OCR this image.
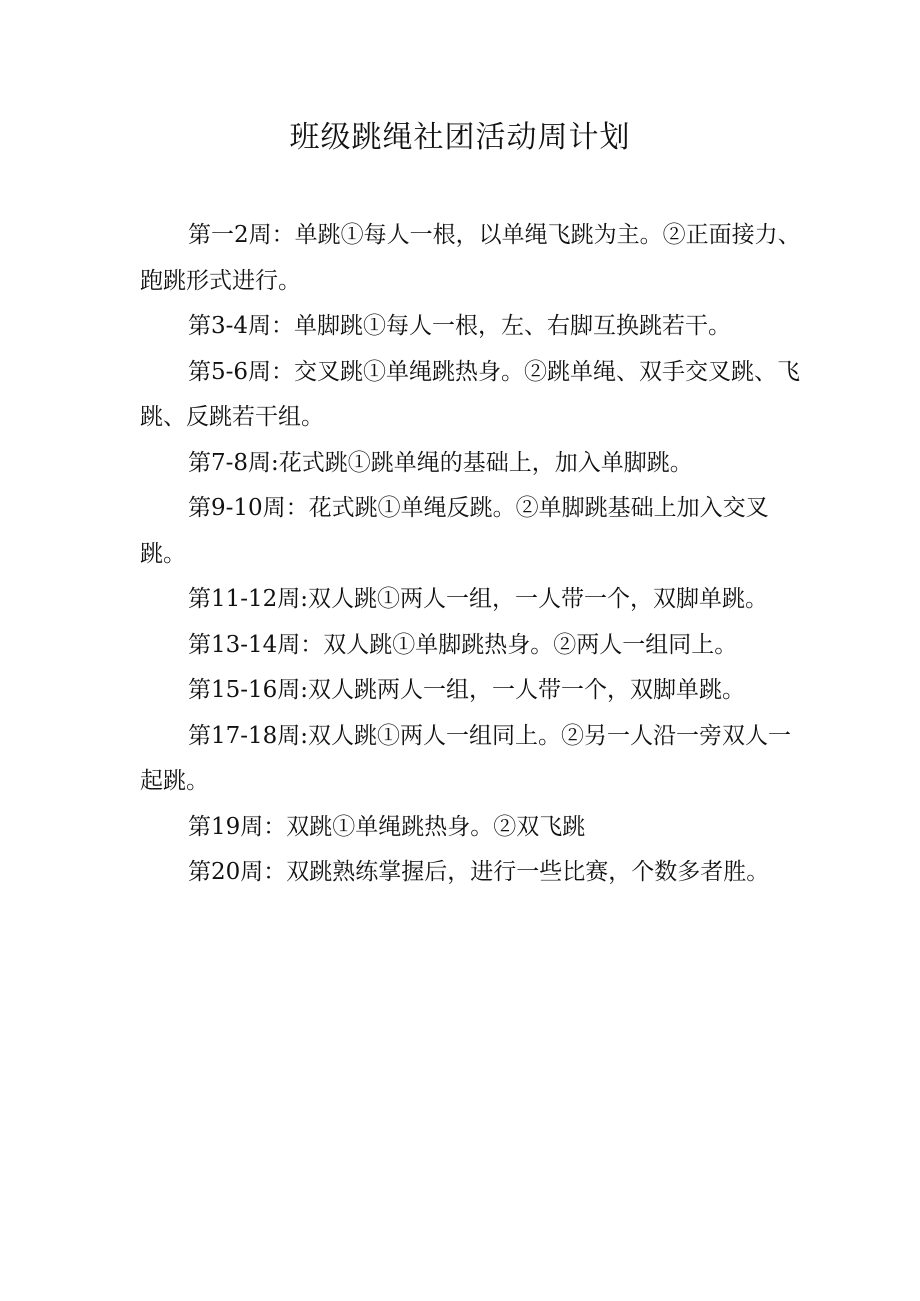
班级跳绳社团活动周计划

第一2周：单跳①每人一根，以单绳飞跳为主。②正面接力、跑跳形式进行。

第3-4周：单脚跳①每人一根，左、右脚互换跳若干。

第5-6周：交叉跳①单绳跳热身。②跳单绳、双手交叉跳、飞跳、反跳若干组。

第7-8周:花式跳①跳单绳的基础上，加入单脚跳。

第9-10周：花式跳①单绳反跳。②单脚跳基础上加入交叉跳。

第11-12周:双人跳①两人一组，一人带一个，双脚单跳。

第13-14周：双人跳①单脚跳热身。②两人一组同上。

第15-16周:双人跳两人一组，一人带一个，双脚单跳。

第17-18周:双人跳①两人一组同上。②另一人沿一旁双人一起跳。

第19周：双跳①单绳跳热身。②双飞跳

第20周：双跳熟练掌握后，进行一些比赛，个数多者胜。
